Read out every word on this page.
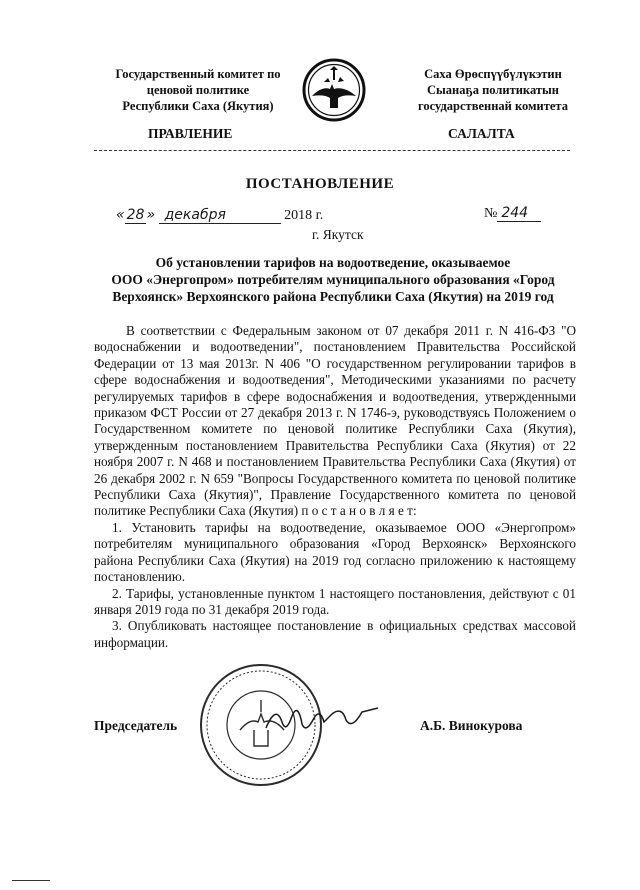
Государственный комитет по
ценовой политике
Республики Саха (Якутия)
Саха Өрөспүүбүлүкэтин
Сыанаҕа политикатын
государственнай комитета
ПРАВЛЕНИЕ	САЛАЛТА
ПОСТАНОВЛЕНИЕ
« 28 » декабря	2018 г.	№ 244
г. Якутск
Об установлении тарифов на водоотведение, оказываемое
ООО «Энергопром» потребителям муниципального образования «Город
Верхоянск» Верхоянского района Республики Саха (Якутия) на 2019 год

В соответствии с Федеральным законом от 07 декабря 2011 г. N 416-ФЗ "О водоснабжении и водоотведении", постановлением Правительства Российской Федерации от 13 мая 2013г. N 406 "О государственном регулировании тарифов в сфере водоснабжения и водоотведения", Методическими указаниями по расчету регулируемых тарифов в сфере водоснабжения и водоотведения, утвержденными приказом ФСТ России от 27 декабря 2013 г. N 1746-э, руководствуясь Положением о Государственном комитете по ценовой политике Республики Саха (Якутия), утвержденным постановлением Правительства Республики Саха (Якутия) от 22 ноября 2007 г. N 468 и постановлением Правительства Республики Саха (Якутия) от 26 декабря 2002 г. N 659 "Вопросы Государственного комитета по ценовой политике Республики Саха (Якутия)", Правление Государственного комитета по ценовой политике Республики Саха (Якутия) п о с т а н о в л я е т:

1. Установить тарифы на водоотведение, оказываемое ООО «Энергопром» потребителям муниципального образования «Город Верхоянск» Верхоянского района Республики Саха (Якутия) на 2019 год согласно приложению к настоящему постановлению.

2. Тарифы, установленные пунктом 1 настоящего постановления, действуют с 01 января 2019 года по 31 декабря 2019 года.

3. Опубликовать настоящее постановление в официальных средствах массовой информации.

Председатель	А.Б. Винокурова
